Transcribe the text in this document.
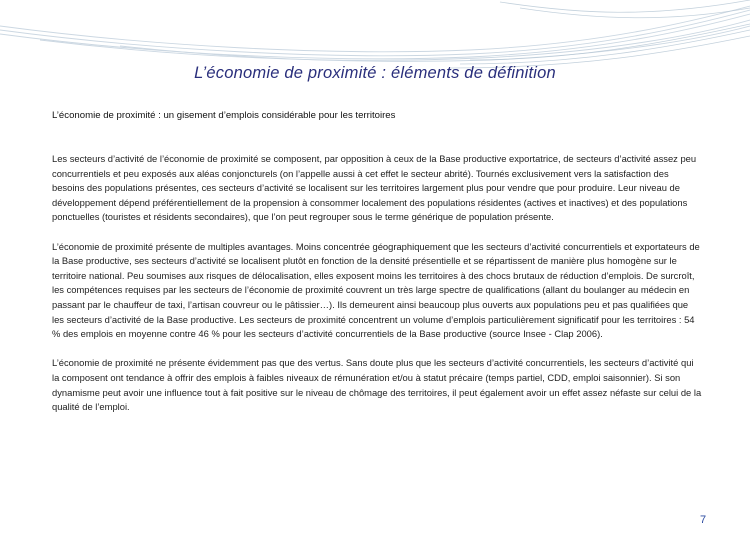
L’économie de proximité : éléments de définition
L’économie de proximité : un gisement d’emplois considérable pour les territoires

Les secteurs d’activité de l’économie de proximité se composent, par opposition à ceux de la Base productive exportatrice, de secteurs d’activité assez peu concurrentiels et peu exposés aux aléas conjoncturels (on l’appelle aussi à cet effet le secteur abrité). Tournés exclusivement vers la satisfaction des besoins des populations présentes, ces secteurs d’activité se localisent sur les territoires largement plus pour vendre que pour produire. Leur niveau de développement dépend préférentiellement de la propension à consommer localement des populations résidentes (actives et inactives) et des populations ponctuelles (touristes et résidents secondaires), que l’on peut regrouper sous le terme générique de population présente.

L’économie de proximité présente de multiples avantages. Moins concentrée géographiquement que les secteurs d’activité concurrentiels et exportateurs de la Base productive, ses secteurs d’activité se localisent plutôt en fonction de la densité présentielle et se répartissent de manière plus homogène sur le territoire national. Peu soumises aux risques de délocalisation, elles exposent moins les territoires à des chocs brutaux de réduction d’emplois. De surcroît, les compétences requises par les secteurs de l’économie de proximité couvrent un très large spectre de qualifications (allant du boulanger au médecin en passant par le chauffeur de taxi, l’artisan couvreur ou le pâtissier…). Ils demeurent ainsi beaucoup plus ouverts aux populations peu et pas qualifiées que les secteurs d’activité de la Base productive. Les secteurs de proximité concentrent un volume d’emplois particulièrement significatif pour les territoires : 54 % des emplois en moyenne contre 46 % pour les secteurs d’activité concurrentiels de la Base productive (source Insee - Clap 2006).

L’économie de proximité ne présente évidemment pas que des vertus. Sans doute plus que les secteurs d’activité concurrentiels, les secteurs d’activité qui la composent ont tendance à offrir des emplois à faibles niveaux de rémunération et/ou à statut précaire (temps partiel, CDD, emploi saisonnier). Si son dynamisme peut avoir une influence tout à fait positive sur le niveau de chômage des territoires, il peut également avoir un effet assez néfaste sur celui de la qualité de l’emploi.

7
